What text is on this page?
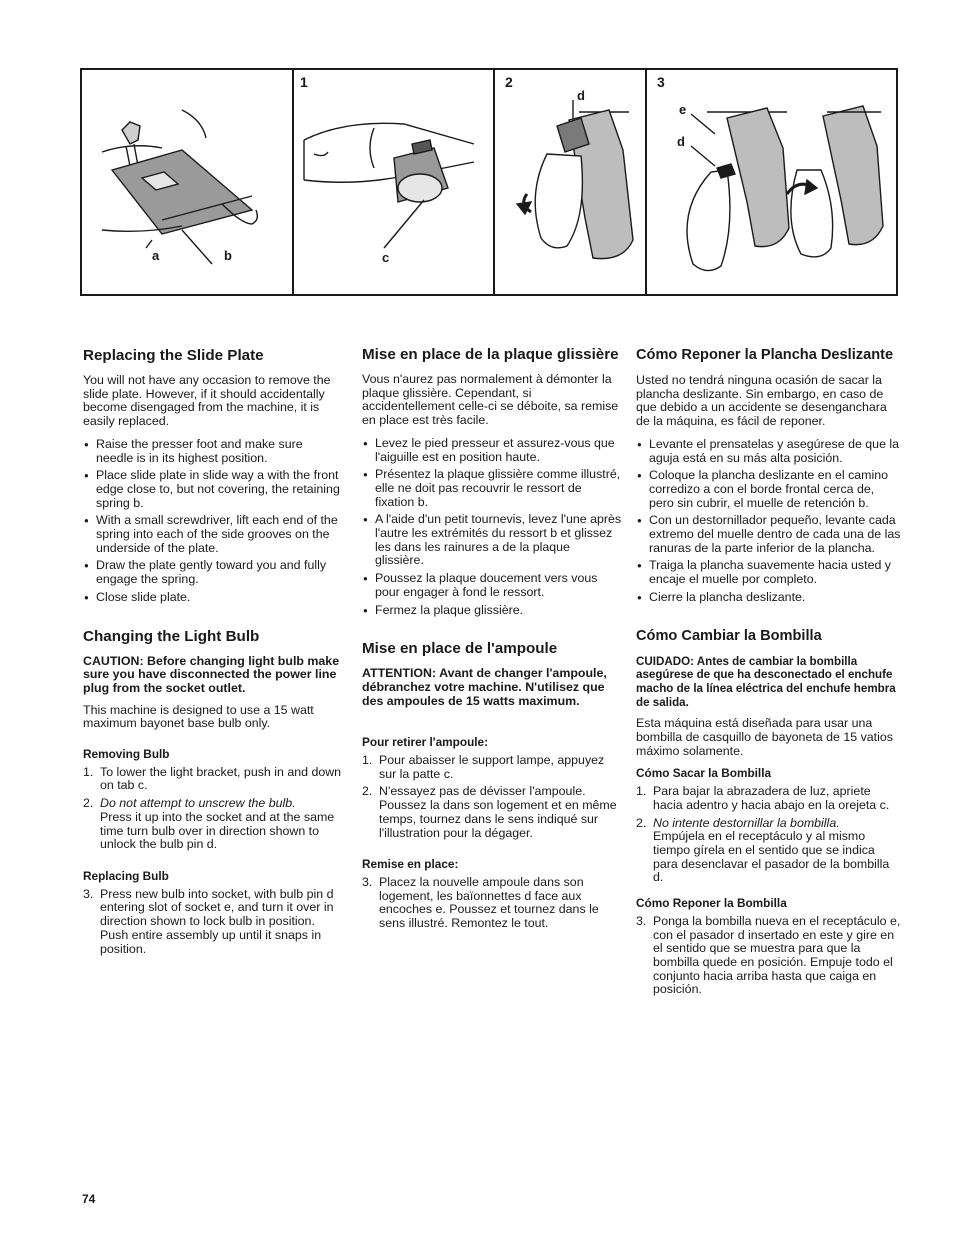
a	b
1
c
2
d
3
e
d
Replacing the Slide Plate

You will not have any occasion to remove the slide plate. However, if it should accidentally become disengaged from the machine, it is easily replaced.

● Raise the presser foot and make sure needle is in its highest position.
● Place slide plate in slide way a with the front edge close to, but not covering, the retaining spring b.
● With a small screwdriver, lift each end of the spring into each of the side grooves on the underside of the plate.
● Draw the plate gently toward you and fully engage the spring.
● Close slide plate.
Changing the Light Bulb

CAUTION: Before changing light bulb make sure you have disconnected the power line plug from the socket outlet.

This machine is designed to use a 15 watt maximum bayonet base bulb only.

Removing Bulb
1. To lower the light bracket, push in and down on tab c.
2. Do not attempt to unscrew the bulb.
Press it up into the socket and at the same time turn bulb over in direction shown to unlock the bulb pin d.
Replacing Bulb
3. Press new bulb into socket, with bulb pin d entering slot of socket e, and turn it over in direction shown to lock bulb in position. Push entire assembly up until it snaps in position.
Mise en place de la plaque glissière

Vous n'aurez pas normalement à démonter la plaque glissière. Cependant, si accidentellement celle-ci se déboite, sa remise en place est très facile.

● Levez le pied presseur et assurez-vous que l'aiguille est en position haute.
● Présentez la plaque glissière comme illustré, elle ne doit pas recouvrir le ressort de fixation b.
● A l'aide d'un petit tournevis, levez l'une après l'autre les extrémités du ressort b et glissez les dans les rainures a de la plaque glissière.
● Poussez la plaque doucement vers vous pour engager à fond le ressort.
● Fermez la plaque glissière.
Mise en place de l'ampoule

ATTENTION: Avant de changer l'ampoule, débranchez votre machine. N'utilisez que des ampoules de 15 watts maximum.

Pour retirer l'ampoule:
1. Pour abaisser le support lampe, appuyez sur la patte c.
2. N'essayez pas de dévisser l'ampoule. Poussez la dans son logement et en même temps, tournez dans le sens indiqué sur l'illustration pour la dégager.
Remise en place:
3. Placez la nouvelle ampoule dans son logement, les baïonnettes d face aux encoches e. Poussez et tournez dans le sens illustré. Remontez le tout.
Cómo Reponer la Plancha Deslizante

Usted no tendrá ninguna ocasión de sacar la plancha deslizante. Sin embargo, en caso de que debido a un accidente se desenganchara de la máquina, es fácil de reponer.

● Levante el prensatelas y asegúrese de que la aguja está en su más alta posición.
● Coloque la plancha deslizante en el camino corredizo a con el borde frontal cerca de, pero sin cubrir, el muelle de retención b.
● Con un destornillador pequeño, levante cada extremo del muelle dentro de cada una de las ranuras de la parte inferior de la plancha.
● Traiga la plancha suavemente hacia usted y encaje el muelle por completo.
● Cierre la plancha deslizante.
Cómo Cambiar la Bombilla

CUIDADO: Antes de cambiar la bombilla asegúrese de que ha desconectado el enchufe macho de la línea eléctrica del enchufe hembra de salida.

Esta máquina está diseñada para usar una bombilla de casquillo de bayoneta de 15 vatios máximo solamente.

Cómo Sacar la Bombilla
1. Para bajar la abrazadera de luz, apriete hacia adentro y hacia abajo en la orejeta c.
2. No intente destornillar la bombilla.
Empújela en el receptáculo y al mismo tiempo gírela en el sentido que se indica para desenclavar el pasador de la bombilla d.
Cómo Reponer la Bombilla
3. Ponga la bombilla nueva en el receptáculo e, con el pasador d insertado en este y gire en el sentido que se muestra para que la bombilla quede en posición. Empuje todo el conjunto hacia arriba hasta que caiga en posición.
74
